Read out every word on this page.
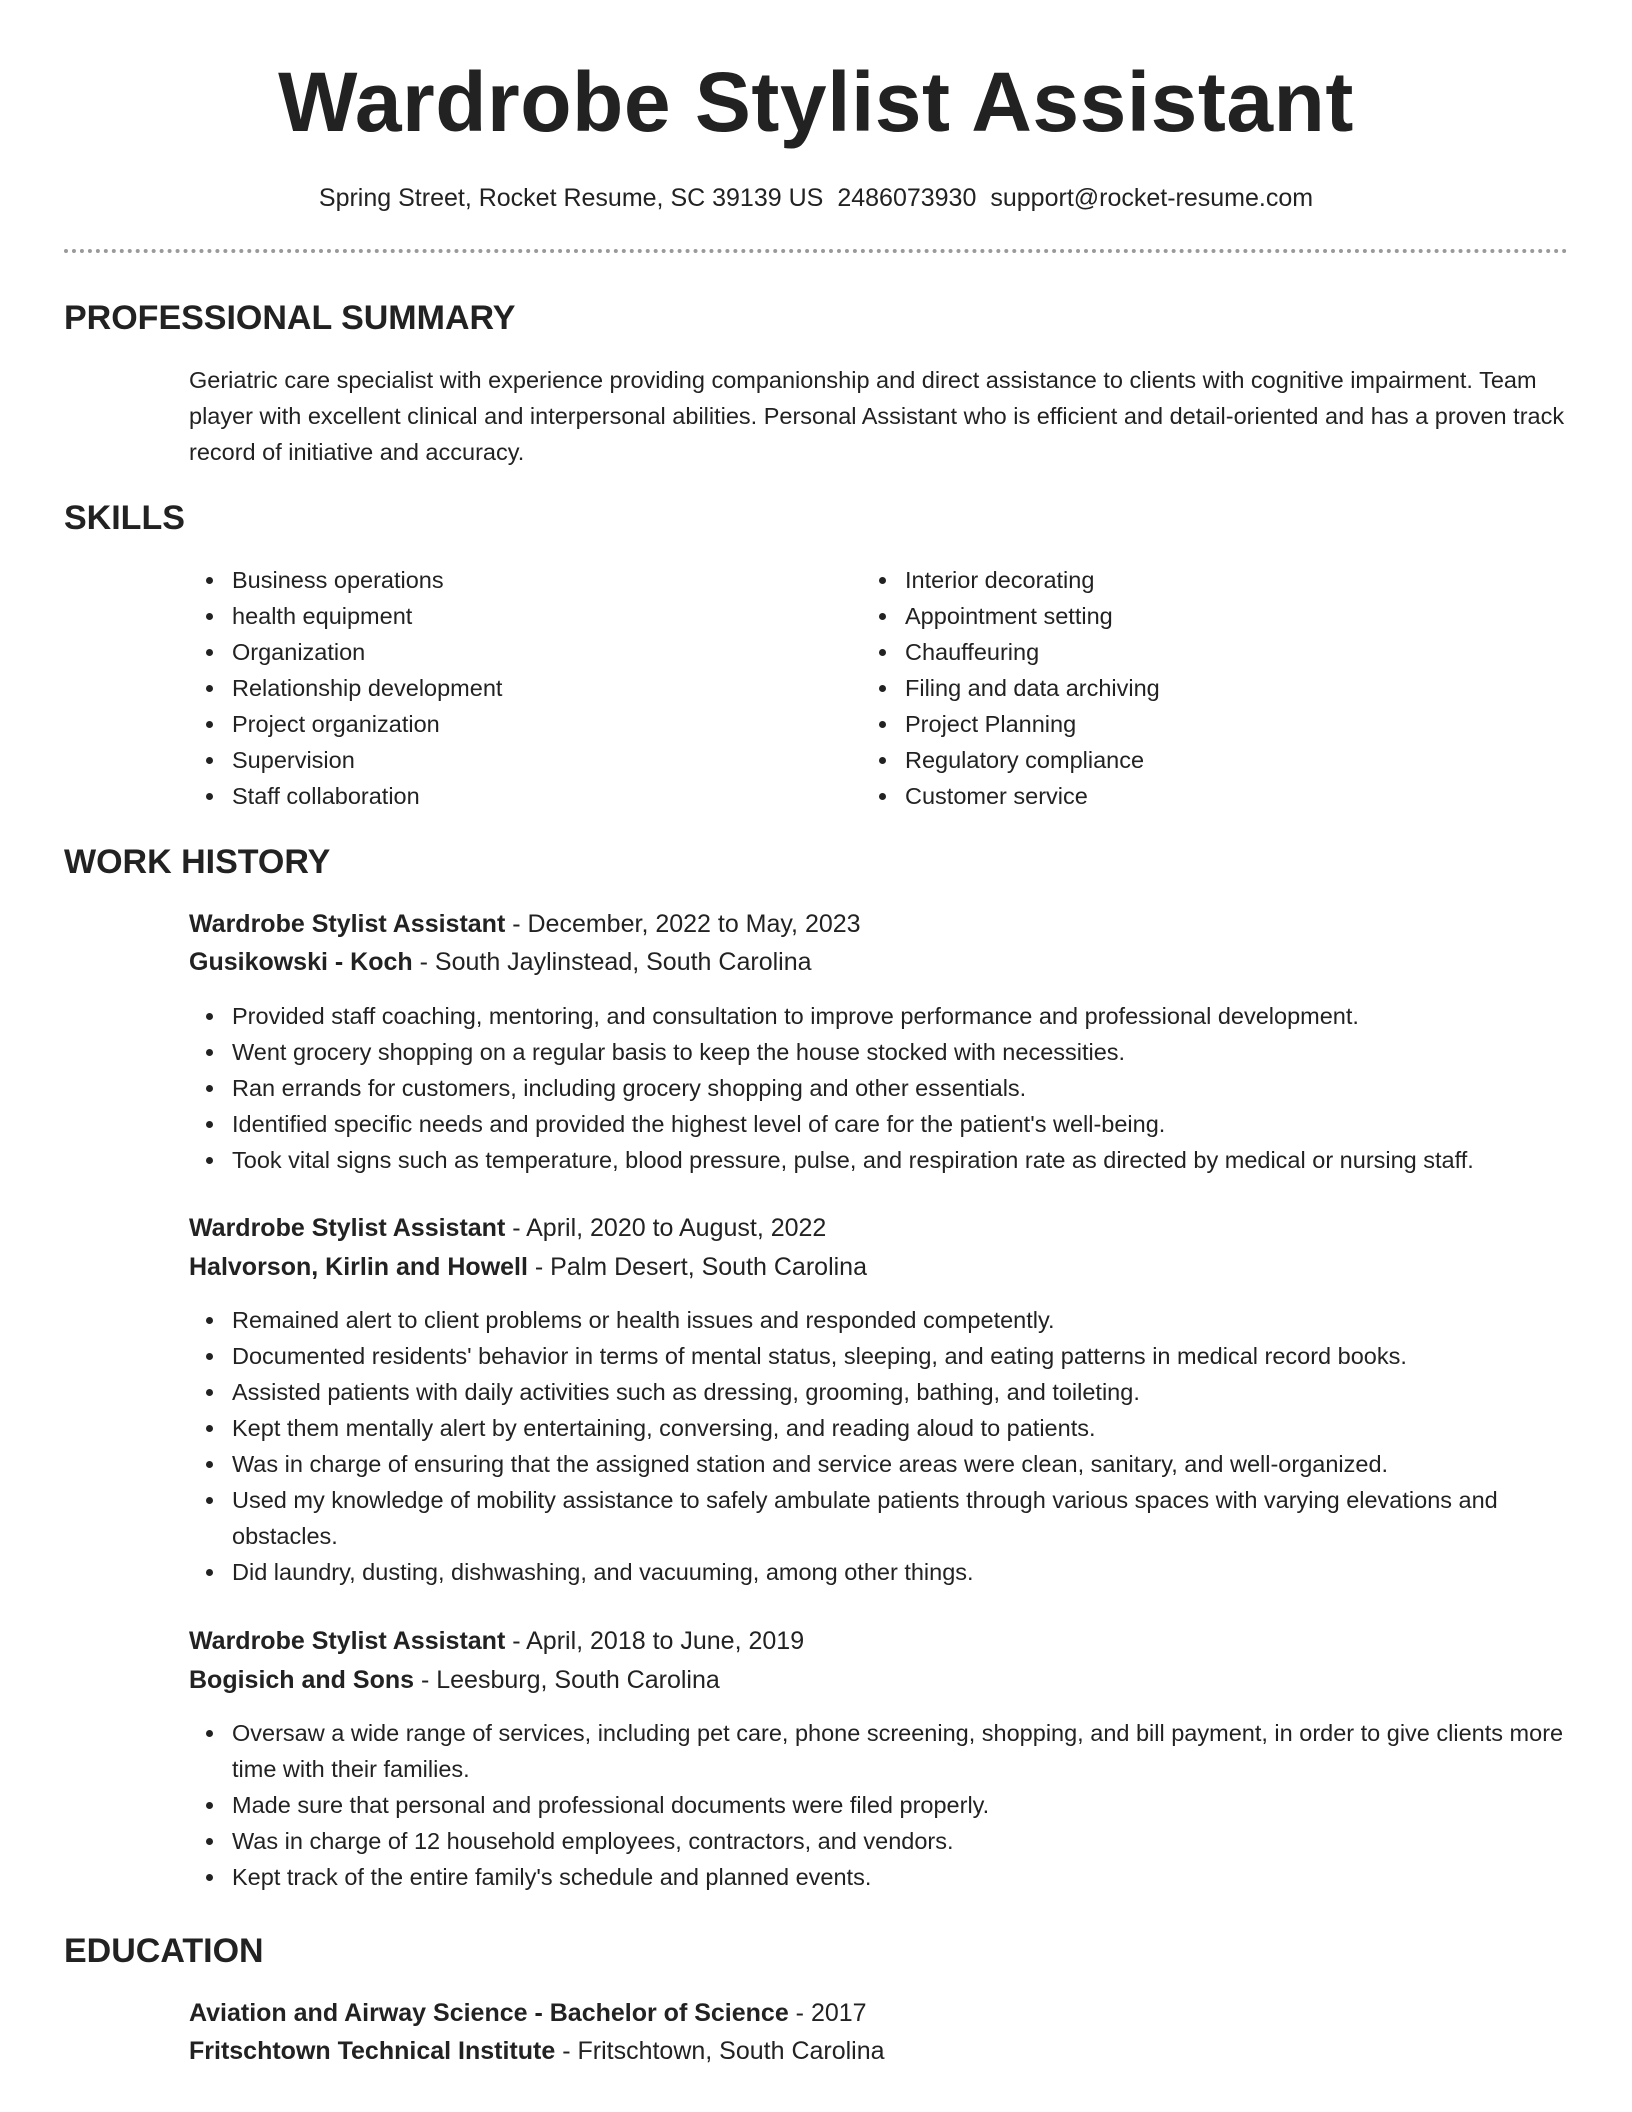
Wardrobe Stylist Assistant
Spring Street, Rocket Resume, SC 39139 US 2486073930 support@rocket-resume.com
PROFESSIONAL SUMMARY
Geriatric care specialist with experience providing companionship and direct assistance to clients with cognitive impairment. Team player with excellent clinical and interpersonal abilities. Personal Assistant who is efficient and detail-oriented and has a proven track record of initiative and accuracy.
SKILLS
Business operations
health equipment
Organization
Relationship development
Project organization
Supervision
Staff collaboration
Interior decorating
Appointment setting
Chauffeuring
Filing and data archiving
Project Planning
Regulatory compliance
Customer service
WORK HISTORY
Wardrobe Stylist Assistant - December, 2022 to May, 2023
Gusikowski - Koch - South Jaylinstead, South Carolina
Provided staff coaching, mentoring, and consultation to improve performance and professional development.
Went grocery shopping on a regular basis to keep the house stocked with necessities.
Ran errands for customers, including grocery shopping and other essentials.
Identified specific needs and provided the highest level of care for the patient's well-being.
Took vital signs such as temperature, blood pressure, pulse, and respiration rate as directed by medical or nursing staff.
Wardrobe Stylist Assistant - April, 2020 to August, 2022
Halvorson, Kirlin and Howell - Palm Desert, South Carolina
Remained alert to client problems or health issues and responded competently.
Documented residents' behavior in terms of mental status, sleeping, and eating patterns in medical record books.
Assisted patients with daily activities such as dressing, grooming, bathing, and toileting.
Kept them mentally alert by entertaining, conversing, and reading aloud to patients.
Was in charge of ensuring that the assigned station and service areas were clean, sanitary, and well-organized.
Used my knowledge of mobility assistance to safely ambulate patients through various spaces with varying elevations and obstacles.
Did laundry, dusting, dishwashing, and vacuuming, among other things.
Wardrobe Stylist Assistant - April, 2018 to June, 2019
Bogisich and Sons - Leesburg, South Carolina
Oversaw a wide range of services, including pet care, phone screening, shopping, and bill payment, in order to give clients more time with their families.
Made sure that personal and professional documents were filed properly.
Was in charge of 12 household employees, contractors, and vendors.
Kept track of the entire family's schedule and planned events.
EDUCATION
Aviation and Airway Science - Bachelor of Science - 2017
Fritschtown Technical Institute - Fritschtown, South Carolina
